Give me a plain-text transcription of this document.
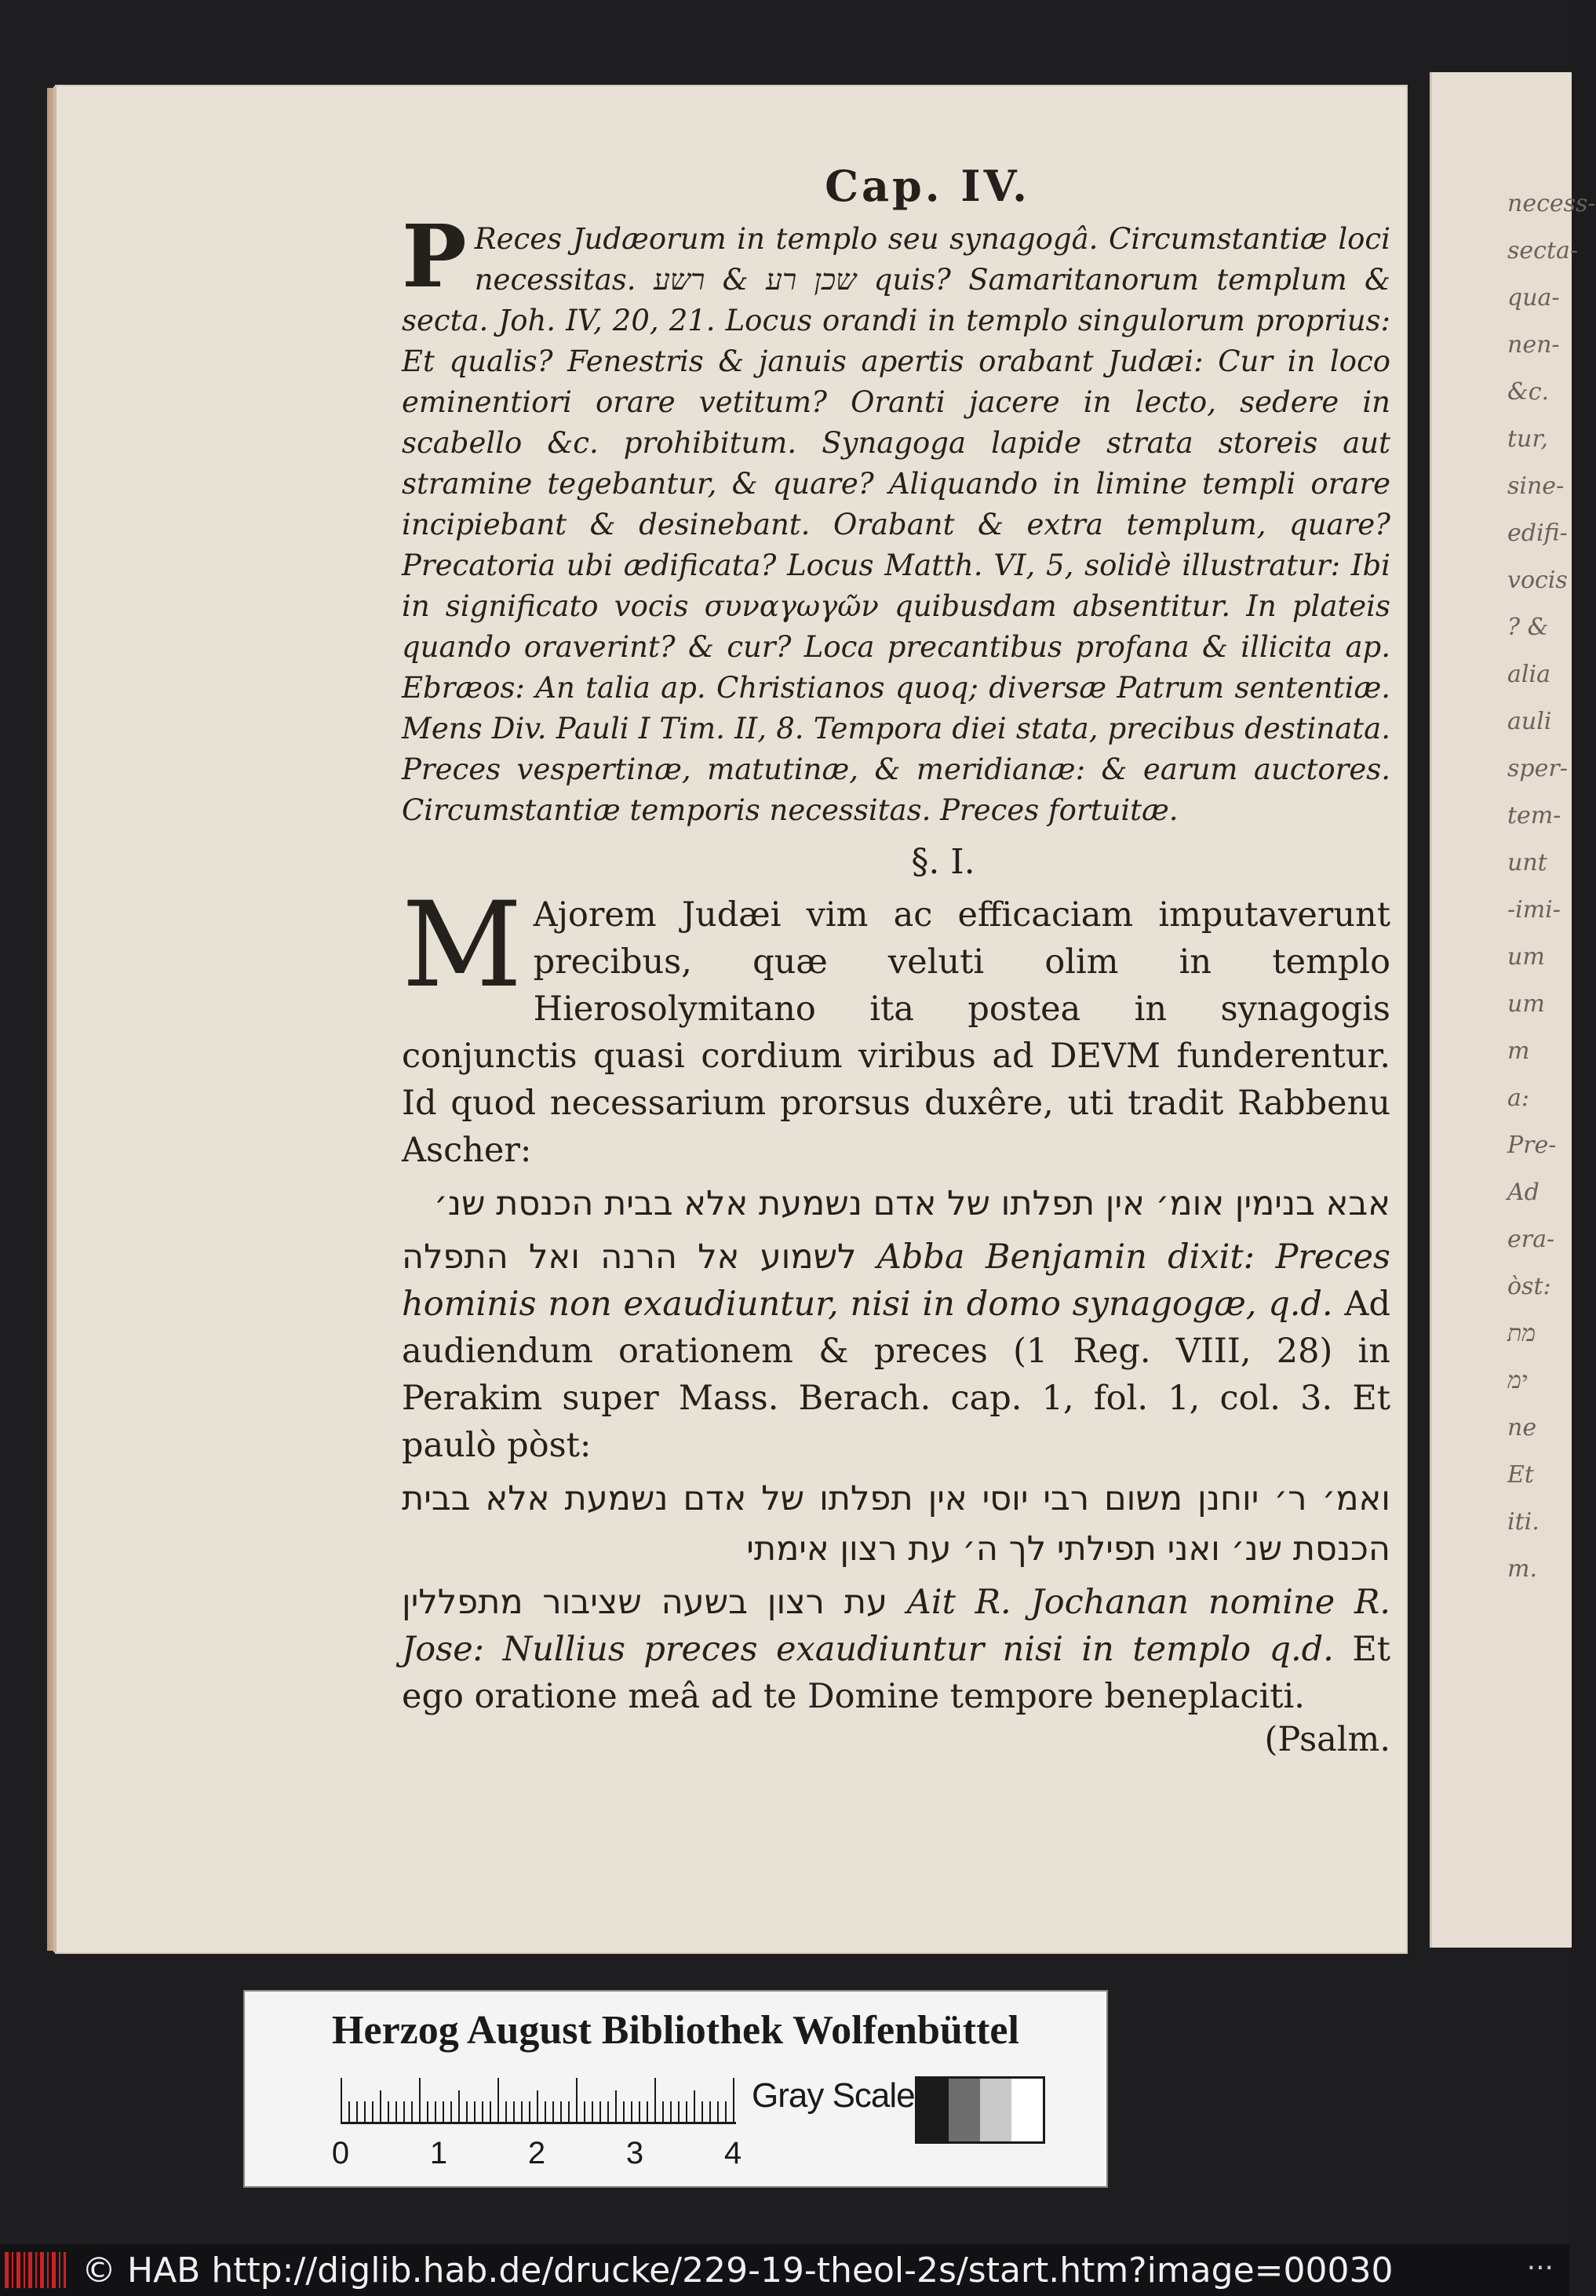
necess-
secta-
qua-
nen-
&c.
tur,
sine-
edifi-
vocis
? &
alia
auli
sper-
tem-
unt
-imi-
um
um
m
a:
Pre-
Ad
era-
òst:
מת
ימ
ne
Et
iti.
m.
Cap. IV.

P Reces Judæorum in templo seu synagogâ. Circumstantiæ loci necessitas. שכן רע & רשע quis? Samaritanorum templum & secta. Joh. IV, 20, 21. Locus orandi in templo singulorum proprius: Et qualis? Fenestris & januis apertis orabant Judæi: Cur in loco eminentiori orare vetitum? Oranti jacere in lecto, sedere in scabello &c. prohibitum. Synagoga lapide strata storeis aut stramine tegebantur, & quare? Aliquando in limine templi orare incipiebant & desinebant. Orabant & extra templum, quare? Precatoria ubi ædificata? Locus Matth. VI, 5, solidè illustratur: Ibi in significato vocis συναγωγῶν quibusdam absentitur. In plateis quando oraverint? & cur? Loca precantibus profana & illicita ap. Ebræos: An talia ap. Christianos quoq; diversæ Patrum sententiæ. Mens Div. Pauli I Tim. II, 8. Tempora diei stata, precibus destinata. Preces vespertinæ, matutinæ, & meridianæ: & earum auctores. Circumstantiæ temporis necessitas. Preces fortuitæ.

§. I.

M Ajorem Judæi vim ac efficaciam imputaverunt precibus, quæ veluti olim in templo Hierosolymitano ita postea in synagogis conjunctis quasi cordium viribus ad DEVM funderentur. Id quod necessarium prorsus duxêre, uti tradit Rabbenu Ascher:

אבא בנימין אומ׳ אין תפלתו של אדם נשמעת אלא בבית הכנסת שנ׳

לשמוע אל הרנה ואל התפלה Abba Benjamin dixit: Preces hominis non exaudiuntur, nisi in domo synagogæ, q.d. Ad audiendum orationem & preces (1 Reg. VIII, 28) in Perakim super Mass. Berach. cap. 1, fol. 1, col. 3. Et paulò pòst:

ואמ׳ ר׳ יוחנן משום רבי יוסי אין תפלתו של אדם נשמעת אלא בבית הכנסת שנ׳ ואני תפילתי לך ה׳ עת רצון אימתי

עת רצון בשעה שציבור מתפללין Ait R. Jochanan nomine R. Jose: Nullius preces exaudiuntur nisi in templo q.d. Et ego oratione meâ ad te Domine tempore beneplaciti.

(Psalm.

Herzog August Bibliothek Wolfenbüttel
0	1	2	3	4
Gray Scale
© HAB http://diglib.hab.de/drucke/229-19-theol-2s/start.htm?image=00030	···
